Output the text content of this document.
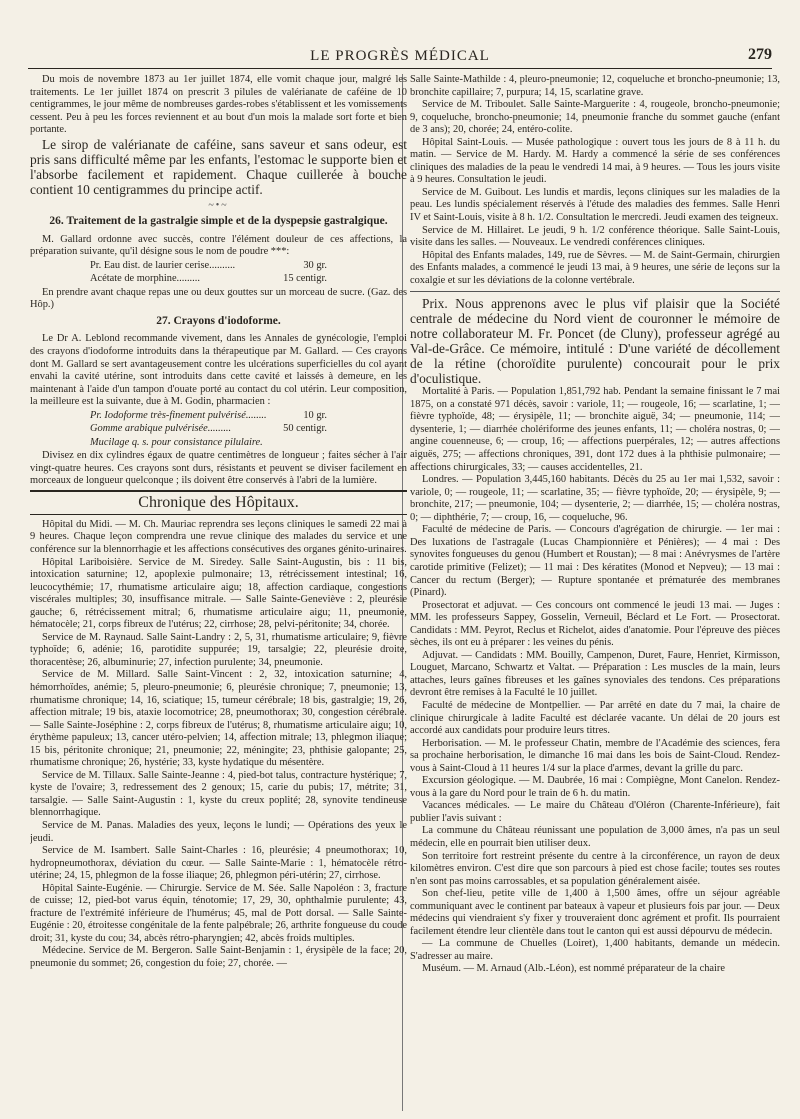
LE PROGRÈS MÉDICAL	279

Du mois de novembre 1873 au 1er juillet 1874, elle vomit chaque jour, malgré les traitements. Le 1er juillet 1874 on prescrit 3 pilules de valérianate de caféine de 10 centigrammes, le jour même de nombreuses gardes-robes s'établissent et les vomissements cessent. Peu à peu les forces reviennent et au bout d'un mois la malade sort forte et bien portante.

Le sirop de valérianate de caféine, sans saveur et sans odeur, est pris sans difficulté même par les enfants, l'estomac le supporte bien et l'absorbe facilement et rapidement. Chaque cuillerée à bouche contient 10 centigrammes du principe actif.

~•~
26. Traitement de la gastralgie simple et de la dyspepsie gastralgique.

M. Gallard ordonne avec succès, contre l'élément douleur de ces affections, la préparation suivante, qu'il désigne sous le nom de poudre ***:

30 gr.
Pr. Eau dist. de laurier cerise..........
15 centigr.
Acétate de morphine.........

En prendre avant chaque repas une ou deux gouttes sur un morceau de sucre. (Gaz. des Hôp.)

27. Crayons d'iodoforme.

Le Dr A. Leblond recommande vivement, dans les Annales de gynécologie, l'emploi des crayons d'iodoforme introduits dans la thérapeutique par M. Gallard. — Ces crayons dont M. Gallard se sert avantageusement contre les ulcérations superficielles du col ayant envahi la cavité utérine, sont introduits dans cette cavité et laissés à demeure, en les maintenant à l'aide d'un tampon d'ouate porté au contact du col utérin. Leur composition, la meilleure est la suivante, due à M. Godin, pharmacien :

10 gr.
Pr. Iodoforme très-finement pulvérisé........
50 centigr.
Gomme arabique pulvérisée.........
Mucilage q. s. pour consistance pilulaire.

Divisez en dix cylindres égaux de quatre centimètres de longueur ; faites sécher à l'air vingt-quatre heures. Ces crayons sont durs, résistants et peuvent se diviser facilement en morceaux de longueur quelconque ; ils doivent être conservés à l'abri de la lumière.

Chronique des Hôpitaux.

Hôpital du Midi. — M. Ch. Mauriac reprendra ses leçons cliniques le samedi 22 mai à 9 heures. Chaque leçon comprendra une revue clinique des malades du service et une conférence sur la blennorrhagie et les affections consécutives des organes génito-urinaires.

Hôpital Lariboisière. Service de M. Siredey. Salle Saint-Augustin, bis : 11 bis, intoxication saturnine; 12, apoplexie pulmonaire; 13, rétrécissement intestinal; 16, leucocythémie; 17, rhumatisme articulaire aigu; 18, affection cardiaque, congestions viscérales multiples; 30, insuffisance mitrale. — Salle Sainte-Geneviève : 2, pleurésie gauche; 6, rétrécissement mitral; 6, rhumatisme articulaire aigu; 11, pneumonie, hématocèle; 21, corps fibreux de l'utérus; 22, cirrhose; 28, pelvi-péritonite; 34, chorée.

Service de M. Raynaud. Salle Saint-Landry : 2, 5, 31, rhumatisme articulaire; 9, fièvre typhoïde; 6, adénie; 16, parotidite suppurée; 19, tarsalgie; 22, pleurésie droite, thoracentèse; 26, albuminurie; 27, infection purulente; 34, pneumonie.

Service de M. Millard. Salle Saint-Vincent : 2, 32, intoxication saturnine; 4, hémorrhoïdes, anémie; 5, pleuro-pneumonie; 6, pleurésie chronique; 7, pneumonie; 13, rhumatisme chronique; 14, 16, sciatique; 15, tumeur cérébrale; 18 bis, gastralgie; 19, 26, affection mitrale; 19 bis, ataxie locomotrice; 28, pneumothorax; 30, congestion cérébrale. — Salle Sainte-Joséphine : 2, corps fibreux de l'utérus; 8, rhumatisme articulaire aigu; 10, érythème papuleux; 13, cancer utéro-pelvien; 14, affection mitrale; 13, phlegmon iliaque; 15 bis, péritonite chronique; 21, pneumonie; 22, méningite; 23, phthisie galopante; 25, rhumatisme chronique; 26, hystérie; 33, kyste hydatique du mésentère.

Service de M. Tillaux. Salle Sainte-Jeanne : 4, pied-bot talus, contracture hystérique; 7, kyste de l'ovaire; 3, redressement des 2 genoux; 15, carie du pubis; 17, métrite; 31, tarsalgie. — Salle Saint-Augustin : 1, kyste du creux poplité; 28, synovite tendineuse blennorrhagique.

Service de M. Panas. Maladies des yeux, leçons le lundi; — Opérations des yeux le jeudi.

Service de M. Isambert. Salle Saint-Charles : 16, pleurésie; 4 pneumothorax; 10, hydropneumothorax, déviation du cœur. — Salle Sainte-Marie : 1, hématocèle rétro-utérine; 24, 15, phlegmon de la fosse iliaque; 26, phlegmon péri-utérin; 27, cirrhose.

Hôpital Sainte-Eugénie. — Chirurgie. Service de M. Sée. Salle Napoléon : 3, fracture de cuisse; 12, pied-bot varus équin, ténotomie; 17, 29, 30, ophthalmie purulente; 43, fracture de l'extrémité inférieure de l'humérus; 45, mal de Pott dorsal. — Salle Sainte-Eugénie : 20, étroitesse congénitale de la fente palpébrale; 26, arthrite fongueuse du coude droit; 31, kyste du cou; 34, abcès rétro-pharyngien; 42, abcès froids multiples.

Médecine. Service de M. Bergeron. Salle Saint-Benjamin : 1, érysipèle de la face; 20, pneumonie du sommet; 26, congestion du foie; 27, chorée. —

Salle Sainte-Mathilde : 4, pleuro-pneumonie; 12, coqueluche et broncho-pneumonie; 13, bronchite capillaire; 7, purpura; 14, 15, scarlatine grave.

Service de M. Triboulet. Salle Sainte-Marguerite : 4, rougeole, broncho-pneumonie; 9, coqueluche, broncho-pneumonie; 14, pneumonie franche du sommet gauche (enfant de 3 ans); 20, chorée; 24, entéro-colite.

Hôpital Saint-Louis. — Musée pathologique : ouvert tous les jours de 8 à 11 h. du matin. — Service de M. Hardy. M. Hardy a commencé la série de ses conférences cliniques des maladies de la peau le vendredi 14 mai, à 9 heures. — Tous les jours visite à 9 heures. Consultation le jeudi.

Service de M. Guibout. Les lundis et mardis, leçons cliniques sur les maladies de la peau. Les lundis spécialement réservés à l'étude des maladies des femmes. Salle Henri IV et Saint-Louis, visite à 8 h. 1/2. Consultation le mercredi. Jeudi examen des teigneux.

Service de M. Hillairet. Le jeudi, 9 h. 1/2 conférence théorique. Salle Saint-Louis, visite dans les salles. — Nouveaux. Le vendredi conférences cliniques.

Hôpital des Enfants malades, 149, rue de Sèvres. — M. de Saint-Germain, chirurgien des Enfants malades, a commencé le jeudi 13 mai, à 9 heures, une série de leçons sur la coxalgie et sur les déviations de la colonne vertébrale.

Prix. Nous apprenons avec le plus vif plaisir que la Société centrale de médecine du Nord vient de couronner le mémoire de notre collaborateur M. Fr. Poncet (de Cluny), professeur agrégé au Val-de-Grâce. Ce mémoire, intitulé : D'une variété de décollement de la rétine (choroïdite purulente) concourait pour le prix d'oculistique.

Mortalité à Paris. — Population 1,851,792 hab. Pendant la semaine finissant le 7 mai 1875, on a constaté 971 décès, savoir : variole, 11; — rougeole, 16; — scarlatine, 1; — fièvre typhoïde, 48; — érysipèle, 11; — bronchite aiguë, 34; — pneumonie, 114; — dysenterie, 1; — diarrhée cholériforme des jeunes enfants, 11; — choléra nostras, 0; — angine couenneuse, 6; — croup, 16; — affections puerpérales, 12; — autres affections aiguës, 275; — affections chroniques, 391, dont 172 dues à la phthisie pulmonaire; — affections chirurgicales, 33; — causes accidentelles, 21.

Londres. — Population 3,445,160 habitants. Décès du 25 au 1er mai 1,532, savoir : variole, 0; — rougeole, 11; — scarlatine, 35; — fièvre typhoïde, 20; — érysipèle, 9; — bronchite, 217; — pneumonie, 104; — dysenterie, 2; — diarrhée, 15; — choléra nostras, 0; — diphthérie, 7; — croup, 16, — coqueluche, 96.

Faculté de médecine de Paris. — Concours d'agrégation de chirurgie. — 1er mai : Des luxations de l'astragale (Lucas Championnière et Pénières); — 4 mai : Des synovites fongueuses du genou (Humbert et Roustan); — 8 mai : Anévrysmes de l'artère carotide primitive (Felizet); — 11 mai : Des kératites (Monod et Nepveu); — 13 mai : Cancer du rectum (Berger); — Rupture spontanée et prématurée des membranes (Pinard).

Prosectorat et adjuvat. — Ces concours ont commencé le jeudi 13 mai. — Juges : MM. les professeurs Sappey, Gosselin, Verneuil, Béclard et Le Fort. — Prosectorat. Candidats : MM. Peyrot, Reclus et Richelot, aides d'anatomie. Pour l'épreuve des pièces sèches, ils ont eu à préparer : les veines du pénis.

Adjuvat. — Candidats : MM. Bouilly, Campenon, Duret, Faure, Henriet, Kirmisson, Louguet, Marcano, Schwartz et Valtat. — Préparation : Les muscles de la main, leurs attaches, leurs gaînes fibreuses et les gaînes synoviales des tendons. Ces préparations devront être remises à la Faculté le 10 juillet.

Faculté de médecine de Montpellier. — Par arrêté en date du 7 mai, la chaire de clinique chirurgicale à ladite Faculté est déclarée vacante. Un délai de 20 jours est accordé aux candidats pour produire leurs titres.

Herborisation. — M. le professeur Chatin, membre de l'Académie des sciences, fera sa prochaine herborisation, le dimanche 16 mai dans les bois de Saint-Cloud. Rendez-vous à Saint-Cloud à 11 heures 1/4 sur la place d'armes, devant la grille du parc.

Excursion géologique. — M. Daubrée, 16 mai : Compiègne, Mont Canelon. Rendez-vous à la gare du Nord pour le train de 6 h. du matin.

Vacances médicales. — Le maire du Château d'Oléron (Charente-Inférieure), fait publier l'avis suivant :

La commune du Château réunissant une population de 3,000 âmes, n'a pas un seul médecin, elle en pourrait bien utiliser deux.

Son territoire fort restreint présente du centre à la circonférence, un rayon de deux kilomètres environ. C'est dire que son parcours à pied est chose facile; toutes ses routes n'en sont pas moins carrossables, et sa population généralement aisée.

Son chef-lieu, petite ville de 1,400 à 1,500 âmes, offre un séjour agréable communiquant avec le continent par bateaux à vapeur et plusieurs fois par jour. — Deux médecins qui viendraient s'y fixer y trouveraient donc agrément et profit. Ils pourraient facilement étendre leur clientèle dans tout le canton qui est aussi dépourvu de médecin.

— La commune de Chuelles (Loiret), 1,400 habitants, demande un médecin. S'adresser au maire.

Muséum. — M. Arnaud (Alb.-Léon), est nommé préparateur de la chaire
